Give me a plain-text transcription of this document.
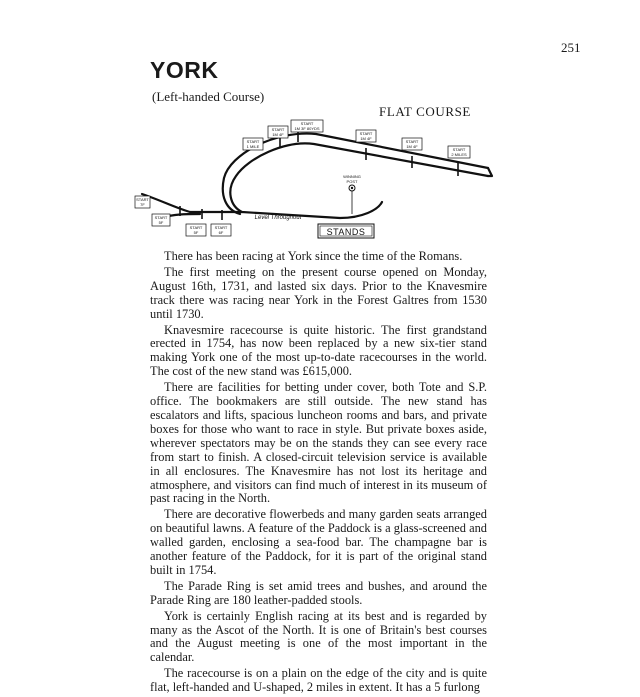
251
YORK
(Left-handed Course)
FLAT COURSE
START
1 MILE
START
1M 4F
START
1M 3F 80YDS
START
1M 4F
START
1M 4F
START
2 MILES
START
5F
START
5F
START
6F
START
7F
WINNING
POST
Level Throughout
STANDS

There has been racing at York since the time of the Romans.

The first meeting on the present course opened on Monday, August 16th, 1731, and lasted six days. Prior to the Knavesmire track there was racing near York in the Forest Galtres from 1530 until 1730.

Knavesmire racecourse is quite historic. The first grandstand erected in 1754, has now been replaced by a new six-tier stand making York one of the most up-to-date racecourses in the world. The cost of the new stand was £615,000.

There are facilities for betting under cover, both Tote and S.P. office. The bookmakers are still outside. The new stand has escalators and lifts, spacious luncheon rooms and bars, and private boxes for those who want to race in style. But private boxes aside, wherever spectators may be on the stands they can see every race from start to finish. A closed-circuit television service is available in all enclosures. The Knavesmire has not lost its heritage and atmosphere, and visitors can find much of interest in its museum of past racing in the North.

There are decorative flowerbeds and many garden seats arranged on beautiful lawns. A feature of the Paddock is a glass-screened and walled garden, enclosing a sea-food bar. The champagne bar is another feature of the Paddock, for it is part of the original stand built in 1754.

The Parade Ring is set amid trees and bushes, and around the Parade Ring are 180 leather-padded stools.

York is certainly English racing at its best and is regarded by many as the Ascot of the North. It is one of Britain's best courses and the August meeting is one of the most important in the calendar.

The racecourse is on a plain on the edge of the city and is quite flat, left-handed and U-shaped, 2 miles in extent. It has a 5 furlong
